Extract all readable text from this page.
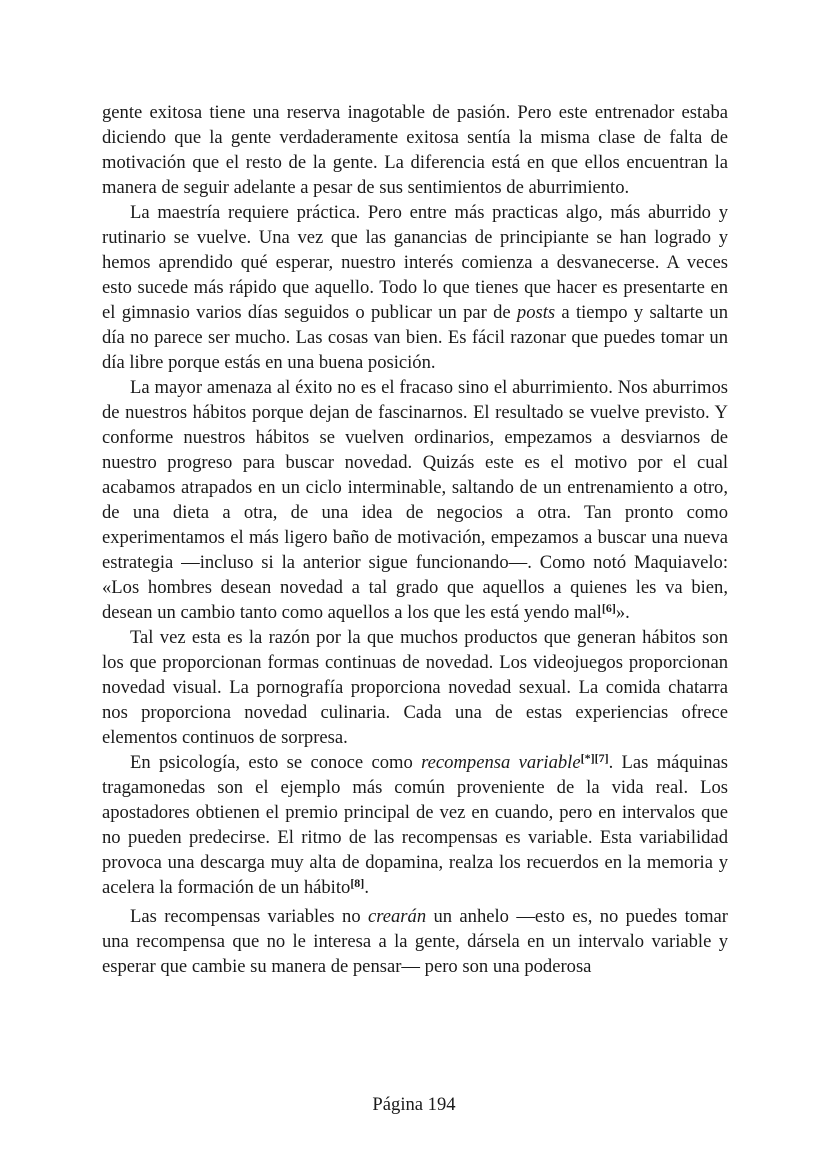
gente exitosa tiene una reserva inagotable de pasión. Pero este entrenador estaba diciendo que la gente verdaderamente exitosa sentía la misma clase de falta de motivación que el resto de la gente. La diferencia está en que ellos encuentran la manera de seguir adelante a pesar de sus sentimientos de aburrimiento.

La maestría requiere práctica. Pero entre más practicas algo, más aburrido y rutinario se vuelve. Una vez que las ganancias de principiante se han logrado y hemos aprendido qué esperar, nuestro interés comienza a desvanecerse. A veces esto sucede más rápido que aquello. Todo lo que tienes que hacer es presentarte en el gimnasio varios días seguidos o publicar un par de posts a tiempo y saltarte un día no parece ser mucho. Las cosas van bien. Es fácil razonar que puedes tomar un día libre porque estás en una buena posición.

La mayor amenaza al éxito no es el fracaso sino el aburrimiento. Nos aburrimos de nuestros hábitos porque dejan de fascinarnos. El resultado se vuelve previsto. Y conforme nuestros hábitos se vuelven ordinarios, empezamos a desviarnos de nuestro progreso para buscar novedad. Quizás este es el motivo por el cual acabamos atrapados en un ciclo interminable, saltando de un entrenamiento a otro, de una dieta a otra, de una idea de negocios a otra. Tan pronto como experimentamos el más ligero baño de motivación, empezamos a buscar una nueva estrategia —incluso si la anterior sigue funcionando—. Como notó Maquiavelo: «Los hombres desean novedad a tal grado que aquellos a quienes les va bien, desean un cambio tanto como aquellos a los que les está yendo mal[6]».

Tal vez esta es la razón por la que muchos productos que generan hábitos son los que proporcionan formas continuas de novedad. Los videojuegos proporcionan novedad visual. La pornografía proporciona novedad sexual. La comida chatarra nos proporciona novedad culinaria. Cada una de estas experiencias ofrece elementos continuos de sorpresa.

En psicología, esto se conoce como recompensa variable[*][7]. Las máquinas tragamonedas son el ejemplo más común proveniente de la vida real. Los apostadores obtienen el premio principal de vez en cuando, pero en intervalos que no pueden predecirse. El ritmo de las recompensas es variable. Esta variabilidad provoca una descarga muy alta de dopamina, realza los recuerdos en la memoria y acelera la formación de un hábito[8].

Las recompensas variables no crearán un anhelo —esto es, no puedes tomar una recompensa que no le interesa a la gente, dársela en un intervalo variable y esperar que cambie su manera de pensar— pero son una poderosa

Página 194
